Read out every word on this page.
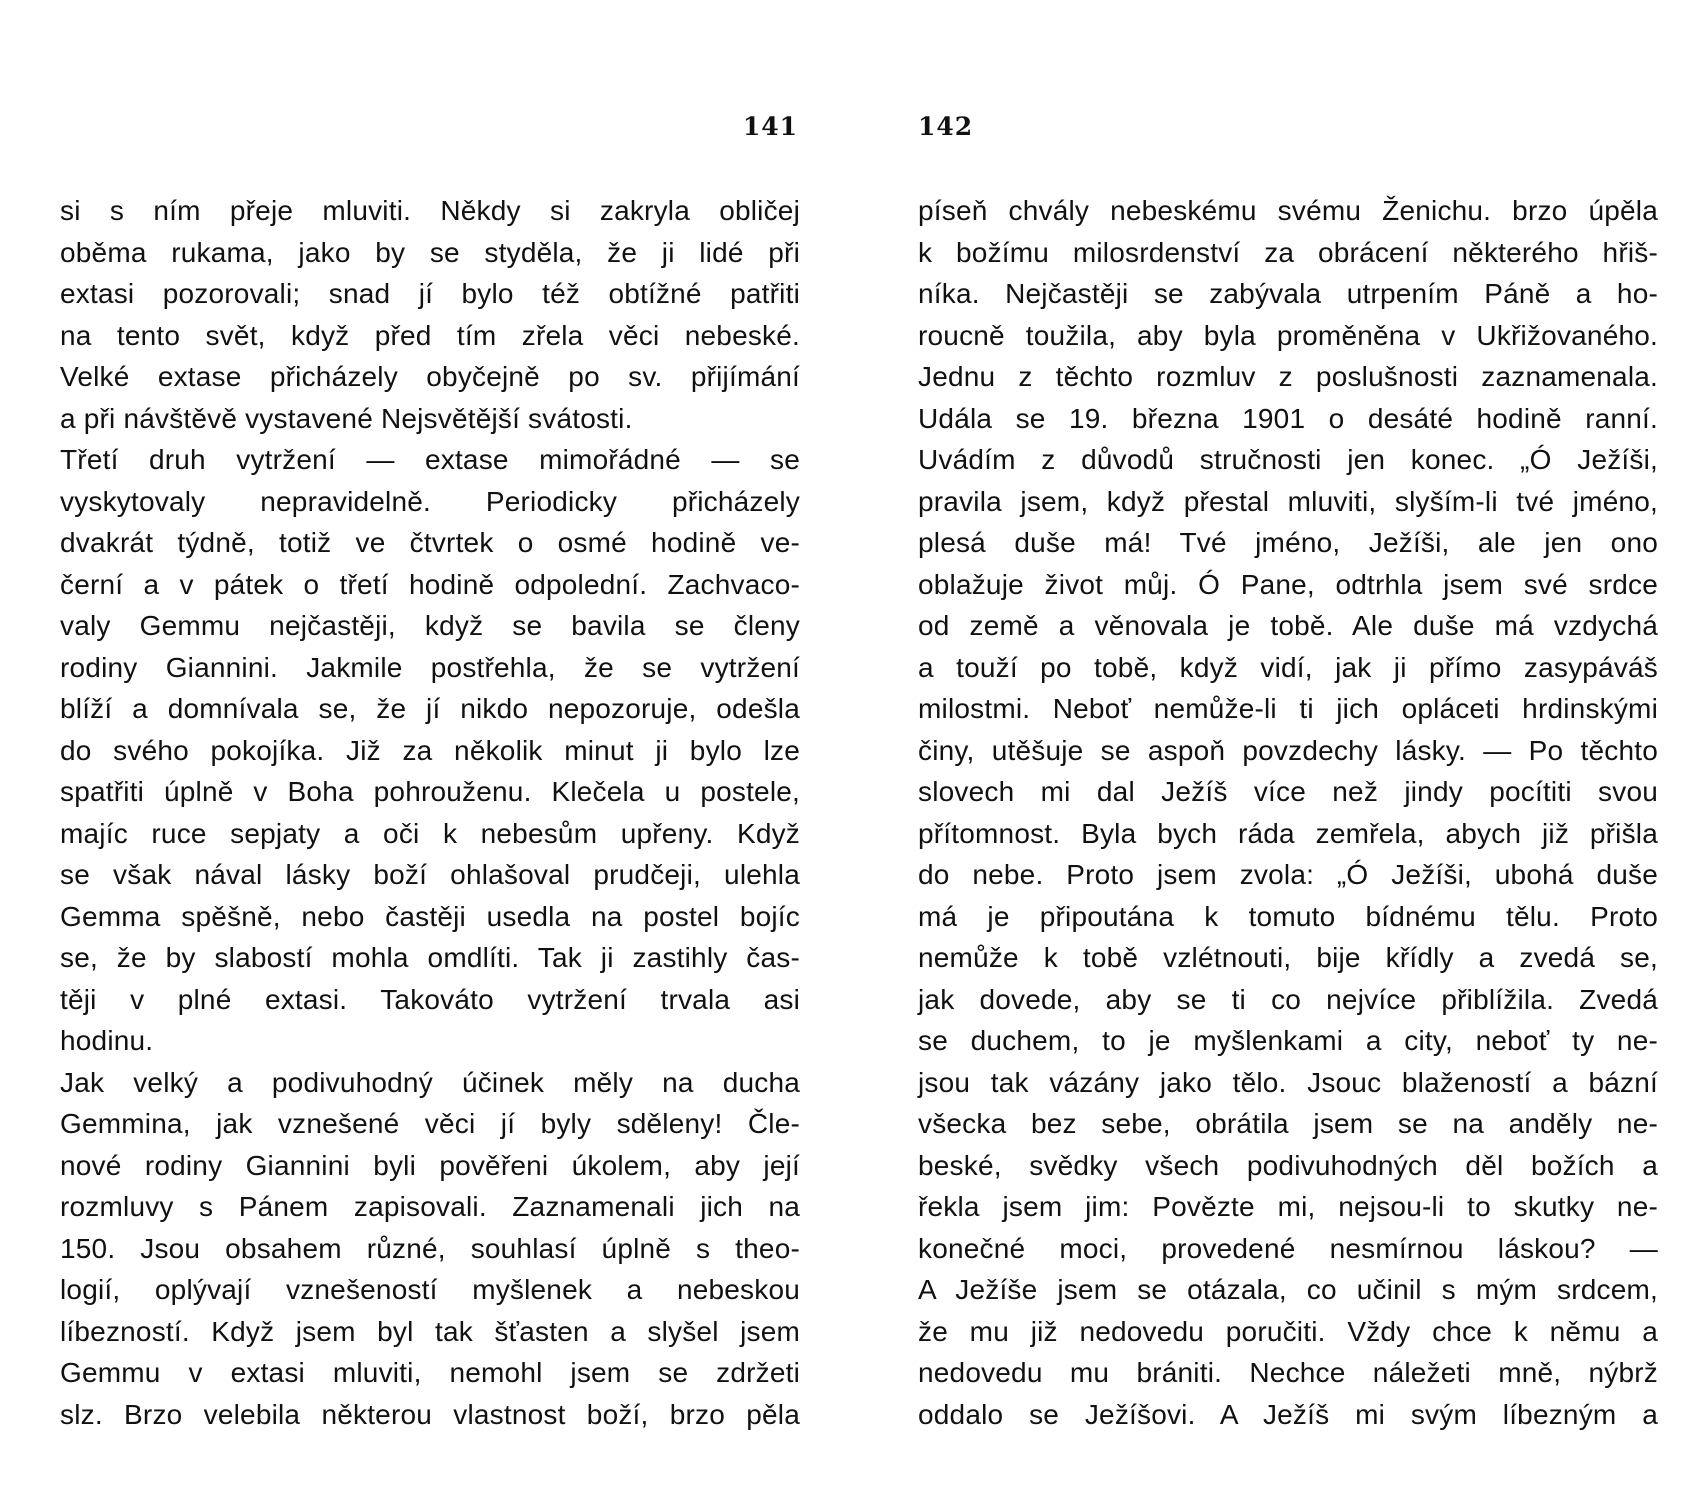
141
si s ním přeje mluviti. Někdy si zakryla obličej
oběma rukama, jako by se styděla, že ji lidé při
extasi pozorovali; snad jí bylo též obtížné patřiti
na tento svět, když před tím zřela věci nebeské.
Velké extase přicházely obyčejně po sv. přijímání
a při návštěvě vystavené Nejsvětější svátosti.
Třetí druh vytržení — extase mimořádné — se
vyskytovaly nepravidelně. Periodicky přicházely
dvakrát týdně, totiž ve čtvrtek o osmé hodině ve-
černí a v pátek o třetí hodině odpolední. Zachvaco-
valy Gemmu nejčastěji, když se bavila se členy
rodiny Giannini. Jakmile postřehla, že se vytržení
blíží a domnívala se, že jí nikdo nepozoruje, odešla
do svého pokojíka. Již za několik minut ji bylo lze
spatřiti úplně v Boha pohrouženu. Klečela u postele,
majíc ruce sepjaty a oči k nebesům upřeny. Když
se však nával lásky boží ohlašoval prudčeji, ulehla
Gemma spěšně, nebo častěji usedla na postel bojíc
se, že by slabostí mohla omdlíti. Tak ji zastihly čas-
těji v plné extasi. Takováto vytržení trvala asi
hodinu.
Jak velký a podivuhodný účinek měly na ducha
Gemmina, jak vznešené věci jí byly sděleny! Čle-
nové rodiny Giannini byli pověřeni úkolem, aby její
rozmluvy s Pánem zapisovali. Zaznamenali jich na
150. Jsou obsahem různé, souhlasí úplně s theo-
logií, oplývají vznešeností myšlenek a nebeskou
líbezností. Když jsem byl tak šťasten a slyšel jsem
Gemmu v extasi mluviti, nemohl jsem se zdržeti
slz. Brzo velebila některou vlastnost boží, brzo pěla
142
píseň chvály nebeskému svému Ženichu. brzo úpěla
k božímu milosrdenství za obrácení některého hřiš-
níka. Nejčastěji se zabývala utrpením Páně a ho-
roucně toužila, aby byla proměněna v Ukřižovaného.
Jednu z těchto rozmluv z poslušnosti zaznamenala.
Udála se 19. března 1901 o desáté hodině ranní.
Uvádím z důvodů stručnosti jen konec. „Ó Ježíši,
pravila jsem, když přestal mluviti, slyším-li tvé jméno,
plesá duše má! Tvé jméno, Ježíši, ale jen ono
oblažuje život můj. Ó Pane, odtrhla jsem své srdce
od země a věnovala je tobě. Ale duše má vzdychá
a touží po tobě, když vidí, jak ji přímo zasypáváš
milostmi. Neboť nemůže-li ti jich opláceti hrdinskými
činy, utěšuje se aspoň povzdechy lásky. — Po těchto
slovech mi dal Ježíš více než jindy pocítiti svou
přítomnost. Byla bych ráda zemřela, abych již přišla
do nebe. Proto jsem zvola: „Ó Ježíši, ubohá duše
má je připoutána k tomuto bídnému tělu. Proto
nemůže k tobě vzlétnouti, bije křídly a zvedá se,
jak dovede, aby se ti co nejvíce přiblížila. Zvedá
se duchem, to je myšlenkami a city, neboť ty ne-
jsou tak vázány jako tělo. Jsouc blažeností a bázní
všecka bez sebe, obrátila jsem se na anděly ne-
beské, svědky všech podivuhodných děl božích a
řekla jsem jim: Povězte mi, nejsou-li to skutky ne-
konečné moci, provedené nesmírnou láskou? —
A Ježíše jsem se otázala, co učinil s mým srdcem,
že mu již nedovedu poručiti. Vždy chce k němu a
nedovedu mu brániti. Nechce náležeti mně, nýbrž
oddalo se Ježíšovi. A Ježíš mi svým líbezným a
